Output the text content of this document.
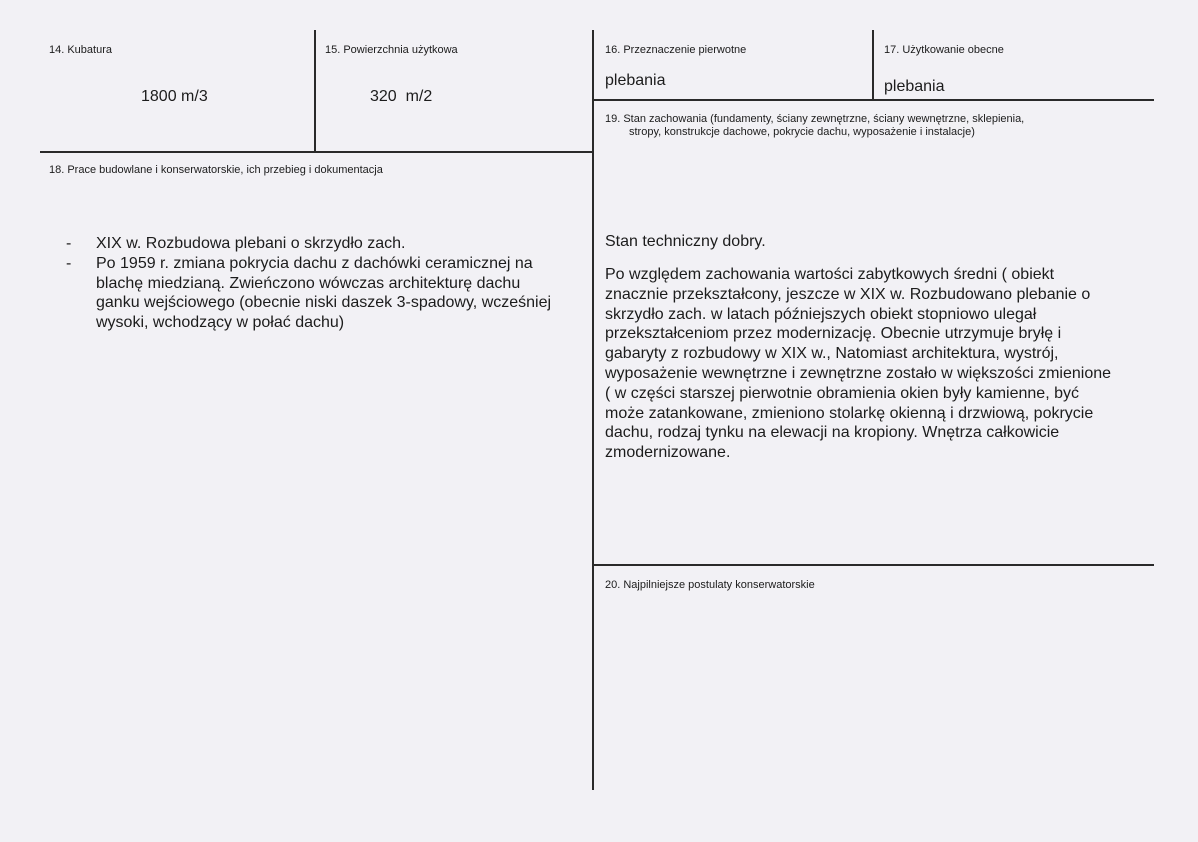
14. Kubatura
1800 m/3
15. Powierzchnia użytkowa
320  m/2
16. Przeznaczenie pierwotne
plebania
17. Użytkowanie obecne
plebania
18. Prace budowlane i konserwatorskie, ich przebieg i dokumentacja
- XIX w. Rozbudowa plebani o skrzydło zach.
- Po 1959 r. zmiana pokrycia dachu z dachówki ceramicznej na
blachę miedzianą. Zwieńczono wówczas architekturę dachu
ganku wejściowego (obecnie niski daszek 3-spadowy, wcześniej
wysoki, wchodzący w połać dachu)
19. Stan zachowania (fundamenty, ściany zewnętrzne, ściany wewnętrzne, sklepienia,
stropy, konstrukcje dachowe, pokrycie dachu, wyposażenie i instalacje)
Stan techniczny dobry.
Po względem zachowania wartości zabytkowych średni ( obiekt
znacznie przekształcony, jeszcze w XIX w. Rozbudowano plebanie o
skrzydło zach. w latach późniejszych obiekt stopniowo ulegał
przekształceniom przez modernizację. Obecnie utrzymuje bryłę i
gabaryty z rozbudowy w XIX w., Natomiast architektura, wystrój,
wyposażenie wewnętrzne i zewnętrzne zostało w większości zmienione
( w części starszej pierwotnie obramienia okien były kamienne, być
może zatankowane, zmieniono stolarkę okienną i drzwiową, pokrycie
dachu, rodzaj tynku na elewacji na kropiony. Wnętrza całkowicie
zmodernizowane.
20. Najpilniejsze postulaty konserwatorskie
